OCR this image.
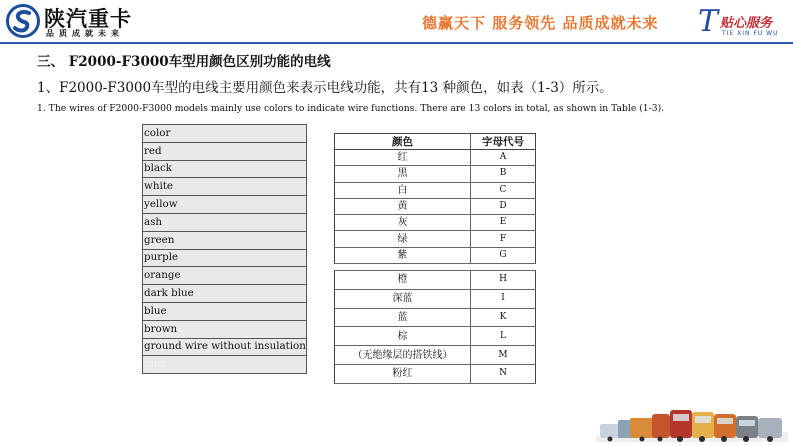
陕汽重卡
品质成就未来
德赢天下 服务领先 品质成就未来 T 贴心服务
TIE XIN FU WU
三、 F2000-F3000车型用颜色区别功能的电线
1、F2000-F3000车型的电线主要用颜色来表示电线功能，共有13 种颜色，如表（1-3）所示。
1. The wires of F2000-F3000 models mainly use colors to indicate wire functions. There are 13 colors in total, as shown in Table (1-3).
color
red
black
white
yellow
ash
green
purple
orange
dark blue
blue
brown
ground wire without insulation
pink
颜色	字母代号
红	A
黑	B
白	C
黄	D
灰	E
绿	F
紫	G
橙	H
深蓝	I
蓝	K
棕	L
（无绝缘层的搭铁线）	M
粉红	N
